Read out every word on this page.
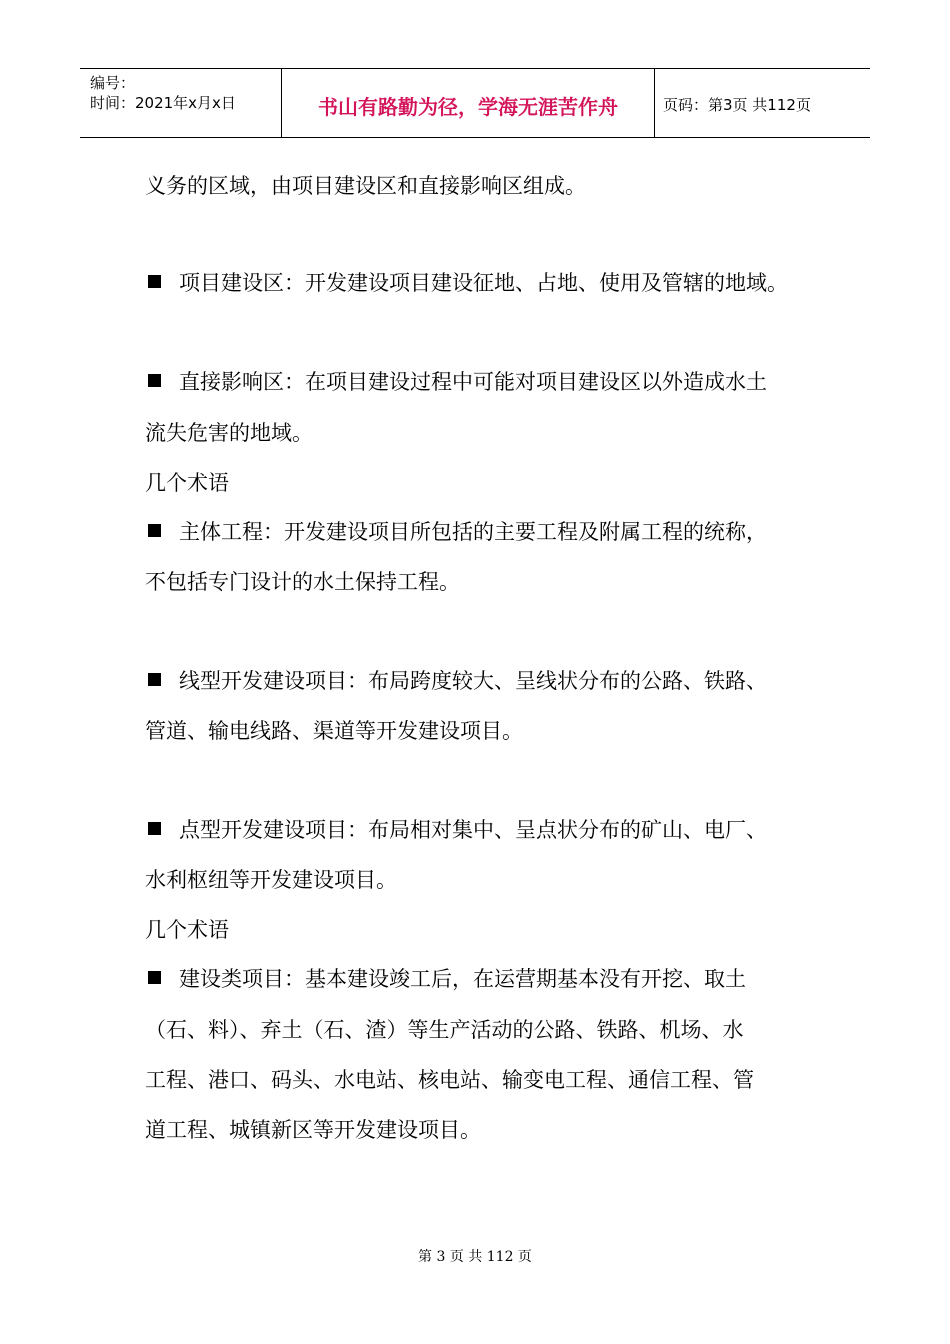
编号：
时间：2021年x月x日	书山有路勤为径，学海无涯苦作舟	页码：第3页 共112页
义务的区域，由项目建设区和直接影响区组成。
项目建设区：开发建设项目建设征地、占地、使用及管辖的地域。
直接影响区：在项目建设过程中可能对项目建设区以外造成水土
流失危害的地域。
几个术语
主体工程：开发建设项目所包括的主要工程及附属工程的统称，
不包括专门设计的水土保持工程。
线型开发建设项目：布局跨度较大、呈线状分布的公路、铁路、
管道、输电线路、渠道等开发建设项目。
点型开发建设项目：布局相对集中、呈点状分布的矿山、电厂、
水利枢纽等开发建设项目。
几个术语
建设类项目：基本建设竣工后，在运营期基本没有开挖、取土
（石、料）、弃土（石、渣）等生产活动的公路、铁路、机场、水
工程、港口、码头、水电站、核电站、输变电工程、通信工程、管
道工程、城镇新区等开发建设项目。
第 3 页 共 112 页
